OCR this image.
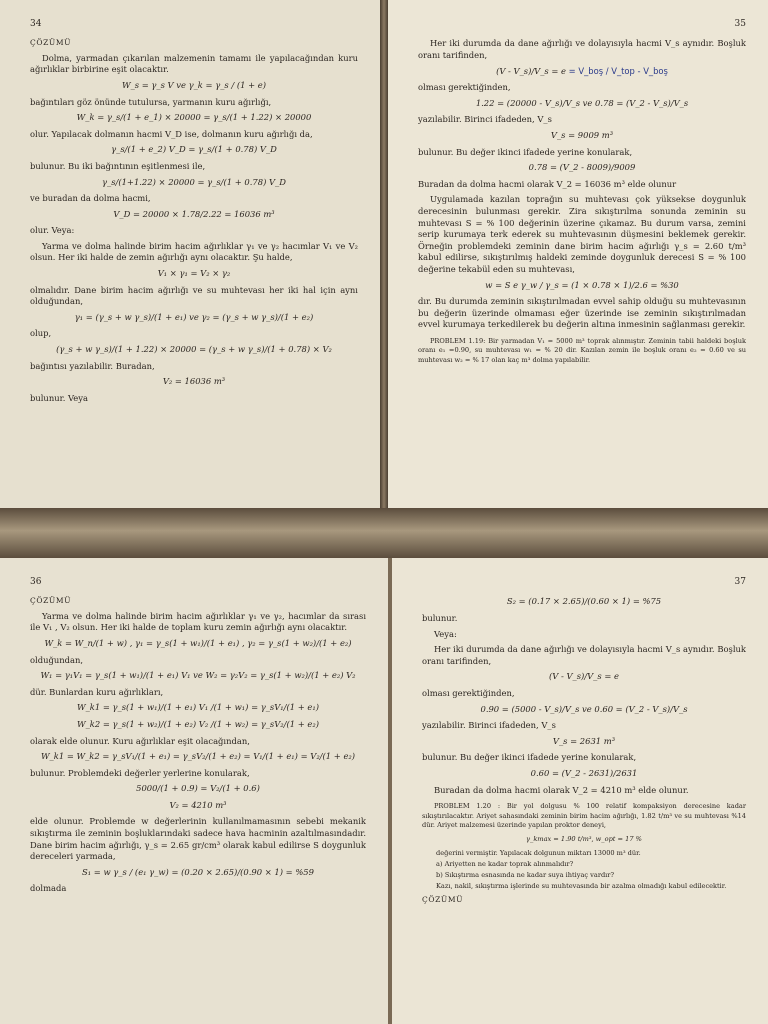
34
ÇÖZÜMÜ

Dolma, yarmadan çıkarılan malzemenin tamamı ile yapılacağından kuru ağırlıklar birbirine eşit olacaktır.

W_s = γ_s V ve γ_k = γ_s / (1 + e)

bağıntıları göz önünde tutulursa, yarmanın kuru ağırlığı,

W_k = γ_s/(1 + e_1) × 20000 = γ_s/(1 + 1.22) × 20000

olur. Yapılacak dolmanın hacmi V_D ise, dolmanın kuru ağırlığı da,

γ_s/(1 + e_2) V_D = γ_s/(1 + 0.78) V_D

bulunur. Bu iki bağıntının eşitlenmesi ile,

γ_s/(1+1.22) × 20000 = γ_s/(1 + 0.78) V_D

ve buradan da dolma hacmi,

V_D = 20000 × 1.78/2.22 = 16036 m³

olur. Veya:

Yarma ve dolma halinde birim hacim ağırlıklar γ₁ ve γ₂ hacımlar V₁ ve V₂ olsun. Her iki halde de zemin ağırlığı aynı olacaktır. Şu halde,

V₁ × γ₁ = V₂ × γ₂

olmalıdır. Dane birim hacim ağırlığı ve su muhtevası her iki hal için aynı olduğundan,

γ₁ = (γ_s + w γ_s)/(1 + e₁) ve γ₂ = (γ_s + w γ_s)/(1 + e₂)

olup,

(γ_s + w γ_s)/(1 + 1.22) × 20000 = (γ_s + w γ_s)/(1 + 0.78) × V₂

bağıntısı yazılabilir. Buradan,

V₂ = 16036 m³

bulunur. Veya

35

Her iki durumda da dane ağırlığı ve dolayısıyla hacmi V_s aynıdır. Boşluk oranı tarifinden,

(V - V_s)/V_s = e = V_boş / V_top - V_boş

olması gerektiğinden,

1.22 = (20000 - V_s)/V_s ve 0.78 = (V_2 - V_s)/V_s

yazılabilir. Birinci ifadeden, V_s

V_s = 9009 m³

bulunur. Bu değer ikinci ifadede yerine konularak,

0.78 = (V_2 - 8009)/9009

Buradan da dolma hacmi olarak V_2 = 16036 m³ elde olunur

Uygulamada kazılan toprağın su muhtevası çok yüksekse doygunluk derecesinin bulunması gerekir. Zira sıkıştırılma sonunda zeminin su muhtevası S = % 100 değerinin üzerine çıkamaz. Bu durum varsa, zemini serip kurumaya terk ederek su muhtevasının düşmesini beklemek gerekir. Örneğin problemdeki zeminin dane birim hacim ağırlığı γ_s = 2.60 t/m³ kabul edilirse, sıkıştırılmış haldeki zeminde doygunluk derecesi S = % 100 değerine tekabül eden su muhtevası,

w = S e γ_w / γ_s = (1 × 0.78 × 1)/2.6 = %30

dır. Bu durumda zeminin sıkıştırılmadan evvel sahip olduğu su muhtevasının bu değerin üzerinde olmaması eğer üzerinde ise zeminin sıkıştırılmadan evvel kurumaya terkedilerek bu değerin altına inmesinin sağlanması gerekir.

PROBLEM 1.19: Bir yarmadan V₁ = 5000 m³ toprak alınmıştır. Zeminin tabii haldeki boşluk oranı e₁ =0.90, su muhtevası w₁ = % 20 dir. Kazılan zemin ile boşluk oranı e₂ = 0.60 ve su muhtevası w₂ = % 17 olan kaç m³ dolma yapılabilir.
36
ÇÖZÜMÜ

Yarma ve dolma halinde birim hacim ağırlıklar γ₁ ve γ₂, hacımlar da sırası ile V₁ , V₂ olsun. Her iki halde de toplam kuru zemin ağırlığı aynı olacaktır.

W_k = W_n/(1 + w) , γ₁ = γ_s(1 + w₁)/(1 + e₁) , γ₂ = γ_s(1 + w₂)/(1 + e₂)

olduğundan,

W₁ = γ₁V₁ = γ_s(1 + w₁)/(1 + e₁) V₁ ve W₂ = γ₂V₂ = γ_s(1 + w₂)/(1 + e₂) V₂

dür. Bunlardan kuru ağırlıkları,

W_k1 = γ_s(1 + w₁)/(1 + e₁) V₁ /(1 + w₁) = γ_sV₁/(1 + e₁)
W_k2 = γ_s(1 + w₂)/(1 + e₂) V₂ /(1 + w₂) = γ_sV₂/(1 + e₂)

olarak elde olunur. Kuru ağırlıklar eşit olacağından,

W_k1 = W_k2 = γ_sV₁/(1 + e₁) = γ_sV₂/(1 + e₂) = V₁/(1 + e₁) = V₂/(1 + e₂)

bulunur. Problemdeki değerler yerlerine konularak,

5000/(1 + 0.9) = V₂/(1 + 0.6)
V₂ = 4210 m³

elde olunur. Problemde w değerlerinin kullanılmamasının sebebi mekanik sıkıştırma ile zeminin boşluklarındaki sadece hava hacminin azaltılmasındadır. Dane birim hacim ağırlığı, γ_s = 2.65 gr/cm³ olarak kabul edilirse S doygunluk dereceleri yarmada,

S₁ = w γ_s / (e₁ γ_w) = (0.20 × 2.65)/(0.90 × 1) = %59

dolmada

37
S₂ = (0.17 × 2.65)/(0.60 × 1) = %75

bulunur.

Veya:

Her iki durumda da dane ağırlığı ve dolayısıyla hacmi V_s aynıdır. Boşluk oranı tarifinden,

(V - V_s)/V_s = e

olması gerektiğinden,

0.90 = (5000 - V_s)/V_s ve 0.60 = (V_2 - V_s)/V_s

yazılabilir. Birinci ifadeden, V_s

V_s = 2631 m³

bulunur. Bu değer ikinci ifadede yerine konularak,

0.60 = (V_2 - 2631)/2631

Buradan da dolma hacmi olarak V_2 = 4210 m³ elde olunur.

PROBLEM 1.20 : Bir yol dolgusu % 100 relatif kompaksiyon derecesine kadar sıkıştırılacaktır. Ariyet sahasındaki zeminin birim hacim ağırlığı, 1.82 t/m³ ve su muhtevası %14 dür. Ariyet malzemesi üzerinde yapılan proktor deneyi,
γ_kmax = 1.90 t/m³, w_opt = 17 %
değerini vermiştir. Yapılacak dolgunun miktarı 13000 m³ dür.
a) Ariyetten ne kadar toprak alınmalıdır?
b) Sıkıştırma esnasında ne kadar suya ihtiyaç vardır?
Kazı, nakil, sıkıştırma işlerinde su muhtevasında bir azalma olmadığı kabul edilecektir.
ÇÖZÜMÜ
